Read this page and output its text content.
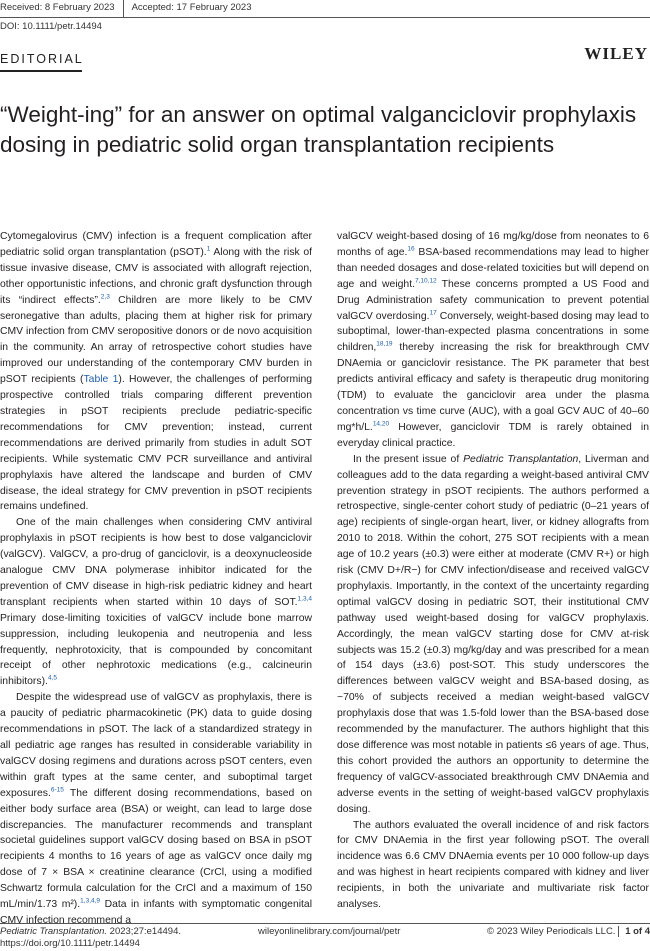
Received: 8 February 2023	Accepted: 17 February 2023
DOI: 10.1111/petr.14494
EDITORIAL	WILEY
“Weight-ing” for an answer on optimal valganciclovir prophylaxis dosing in pediatric solid organ transplantation recipients

Cytomegalovirus (CMV) infection is a frequent complication after pediatric solid organ transplantation (pSOT).$^1$ Along with the risk of tissue invasive disease, CMV is associated with allograft rejection, other opportunistic infections, and chronic graft dysfunction through its “indirect effects”.$^{2,3}$ Children are more likely to be CMV seronegative than adults, placing them at higher risk for primary CMV infection from CMV seropositive donors or de novo acquisition in the community. An array of retrospective cohort studies have improved our understanding of the contemporary CMV burden in pSOT recipients (Table 1). However, the challenges of performing prospective controlled trials comparing different prevention strategies in pSOT recipients preclude pediatric-specific recommendations for CMV prevention; instead, current recommendations are derived primarily from studies in adult SOT recipients. While systematic CMV PCR surveillance and antiviral prophylaxis have altered the landscape and burden of CMV disease, the ideal strategy for CMV prevention in pSOT recipients remains undefined.

One of the main challenges when considering CMV antiviral prophylaxis in pSOT recipients is how best to dose valganciclovir (valGCV). ValGCV, a pro-drug of ganciclovir, is a deoxynucleoside analogue CMV DNA polymerase inhibitor indicated for the prevention of CMV disease in high-risk pediatric kidney and heart transplant recipients when started within 10 days of SOT.$^{1,3,4}$ Primary dose-limiting toxicities of valGCV include bone marrow suppression, including leukopenia and neutropenia and less frequently, nephrotoxicity, that is compounded by concomitant receipt of other nephrotoxic medications (e.g., calcineurin inhibitors).$^{4,5}$

Despite the widespread use of valGCV as prophylaxis, there is a paucity of pediatric pharmacokinetic (PK) data to guide dosing recommendations in pSOT. The lack of a standardized strategy in all pediatric age ranges has resulted in considerable variability in valGCV dosing regimens and durations across pSOT centers, even within graft types at the same center, and suboptimal target exposures.$^{6-15}$ The different dosing recommendations, based on either body surface area (BSA) or weight, can lead to large dose discrepancies. The manufacturer recommends and transplant societal guidelines support valGCV dosing based on BSA in pSOT recipients 4 months to 16 years of age as valGCV once daily mg dose of 7 × BSA × creatinine clearance (CrCl, using a modified Schwartz formula calculation for the CrCl and a maximum of 150 mL/min/1.73 m²).$^{1,3,4,9}$ Data in infants with symptomatic congenital CMV infection recommend a

valGCV weight-based dosing of 16 mg/kg/dose from neonates to 6 months of age.$^{16}$ BSA-based recommendations may lead to higher than needed dosages and dose-related toxicities but will depend on age and weight.$^{7,10,12}$ These concerns prompted a US Food and Drug Administration safety communication to prevent potential valGCV overdosing.$^{17}$ Conversely, weight-based dosing may lead to suboptimal, lower-than-expected plasma concentrations in some children,$^{18,19}$ thereby increasing the risk for breakthrough CMV DNAemia or ganciclovir resistance. The PK parameter that best predicts antiviral efficacy and safety is therapeutic drug monitoring (TDM) to evaluate the ganciclovir area under the plasma concentration vs time curve (AUC), with a goal GCV AUC of 40–60 mg*h/L.$^{14,20}$ However, ganciclovir TDM is rarely obtained in everyday clinical practice.

In the present issue of Pediatric Transplantation, Liverman and colleagues add to the data regarding a weight-based antiviral CMV prevention strategy in pSOT recipients. The authors performed a retrospective, single-center cohort study of pediatric (0–21 years of age) recipients of single-organ heart, liver, or kidney allografts from 2010 to 2018. Within the cohort, 275 SOT recipients with a mean age of 10.2 years (±0.3) were either at moderate (CMV R+) or high risk (CMV D+/R−) for CMV infection/disease and received valGCV prophylaxis. Importantly, in the context of the uncertainty regarding optimal valGCV dosing in pediatric SOT, their institutional CMV pathway used weight-based dosing for valGCV prophylaxis. Accordingly, the mean valGCV starting dose for CMV at-risk subjects was 15.2 (±0.3) mg/kg/day and was prescribed for a mean of 154 days (±3.6) post-SOT. This study underscores the differences between valGCV weight and BSA-based dosing, as ~70% of subjects received a median weight-based valGCV prophylaxis dose that was 1.5-fold lower than the BSA-based dose recommended by the manufacturer. The authors highlight that this dose difference was most notable in patients ≤6 years of age. Thus, this cohort provided the authors an opportunity to determine the frequency of valGCV-associated breakthrough CMV DNAemia and adverse events in the setting of weight-based valGCV prophylaxis dosing.

The authors evaluated the overall incidence of and risk factors for CMV DNAemia in the first year following pSOT. The overall incidence was 6.6 CMV DNAemia events per 10 000 follow-up days and was highest in heart recipients compared with kidney and liver recipients, in both the univariate and multivariate risk factor analyses.

Pediatric Transplantation. 2023;27:e14494.
https://doi.org/10.1111/petr.14494
wileyonlinelibrary.com/journal/petr	© 2023 Wiley Periodicals LLC.	1 of 4
